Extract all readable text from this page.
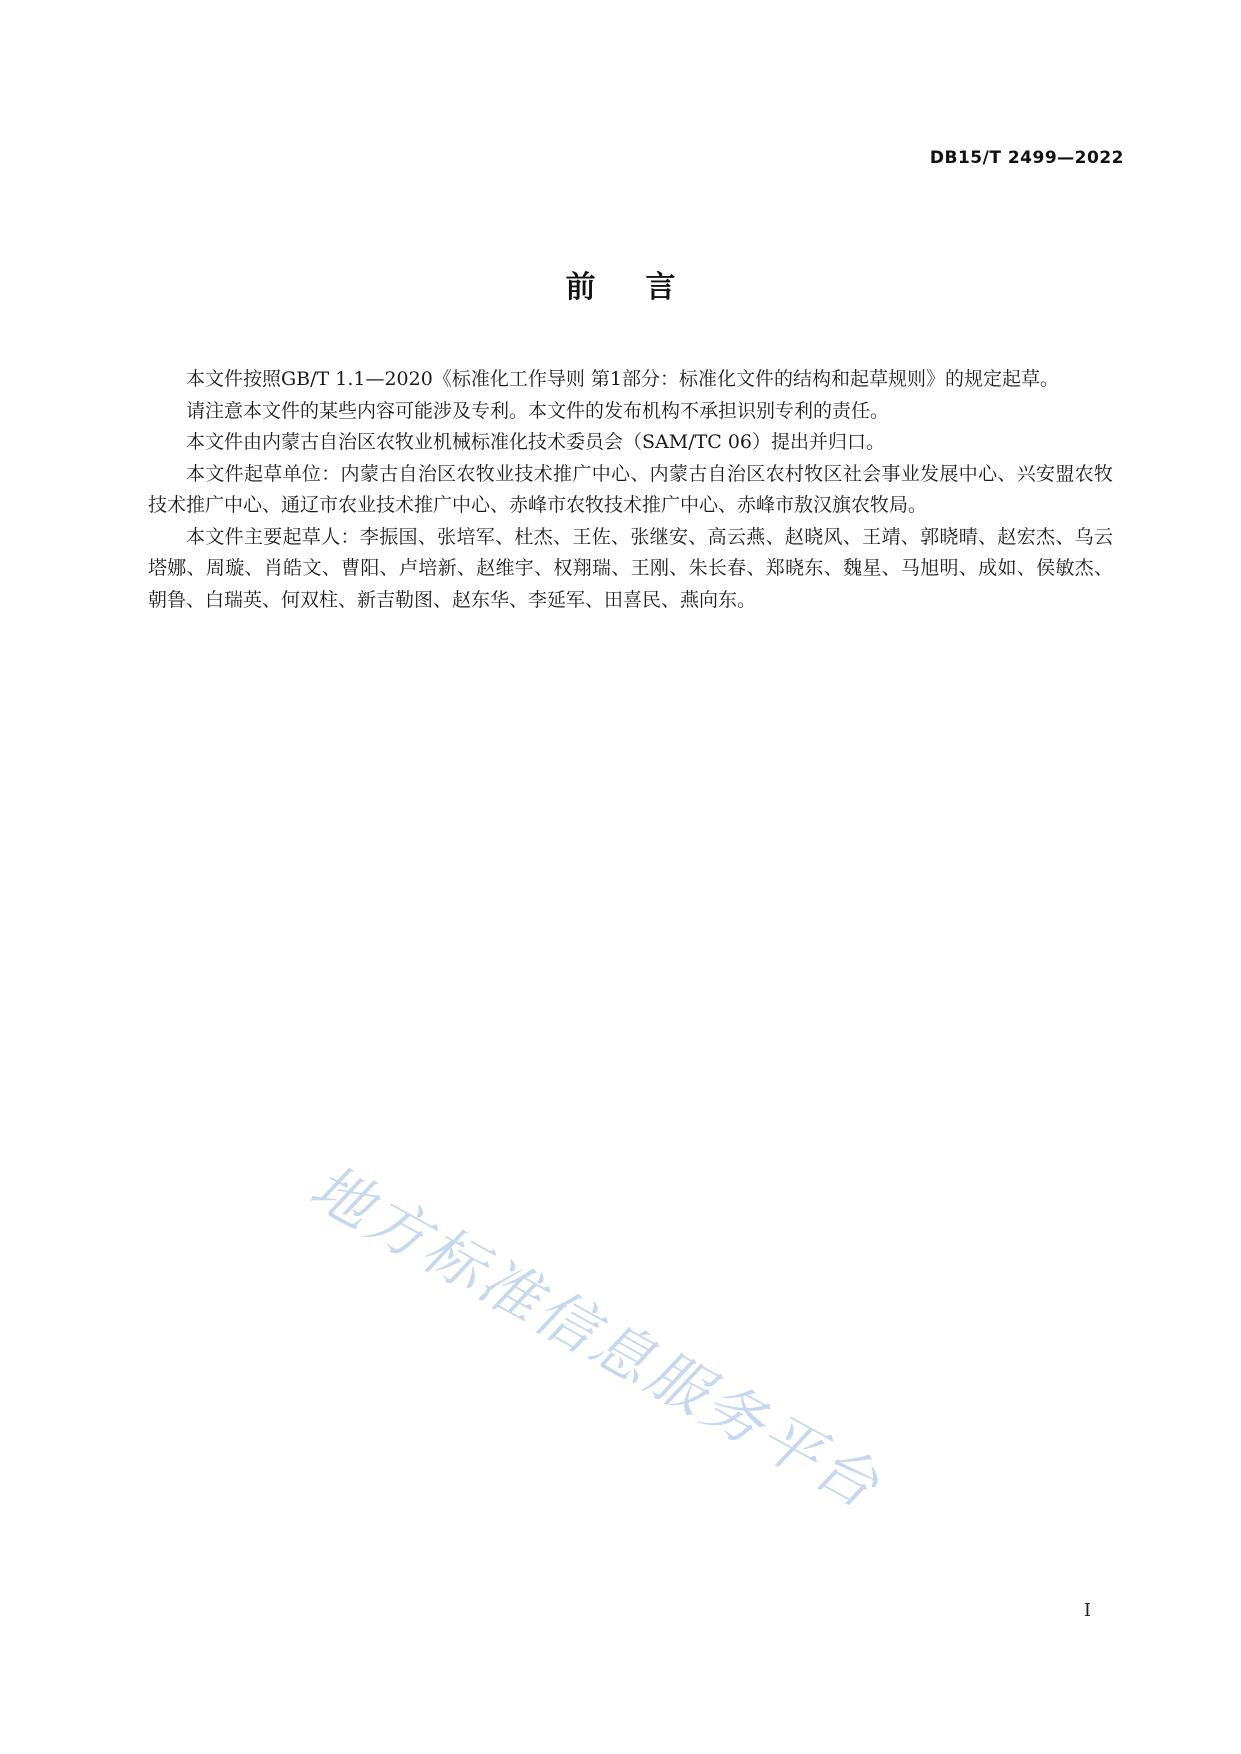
DB15/T 2499—2022
前言

本文件按照GB/T 1.1—2020《标准化工作导则 第1部分：标准化文件的结构和起草规则》的规定起草。

请注意本文件的某些内容可能涉及专利。本文件的发布机构不承担识别专利的责任。

本文件由内蒙古自治区农牧业机械标准化技术委员会（SAM/TC 06）提出并归口。

本文件起草单位：内蒙古自治区农牧业技术推广中心、内蒙古自治区农村牧区社会事业发展中心、兴安盟农牧技术推广中心、通辽市农业技术推广中心、赤峰市农牧技术推广中心、赤峰市敖汉旗农牧局。

本文件主要起草人：李振国、张培军、杜杰、王佐、张继安、高云燕、赵晓风、王靖、郭晓晴、赵宏杰、乌云塔娜、周璇、肖皓文、曹阳、卢培新、赵维宇、权翔瑞、王刚、朱长春、郑晓东、魏星、马旭明、成如、侯敏杰、朝鲁、白瑞英、何双柱、新吉勒图、赵东华、李延军、田喜民、燕向东。

地方标准信息服务平台
I
